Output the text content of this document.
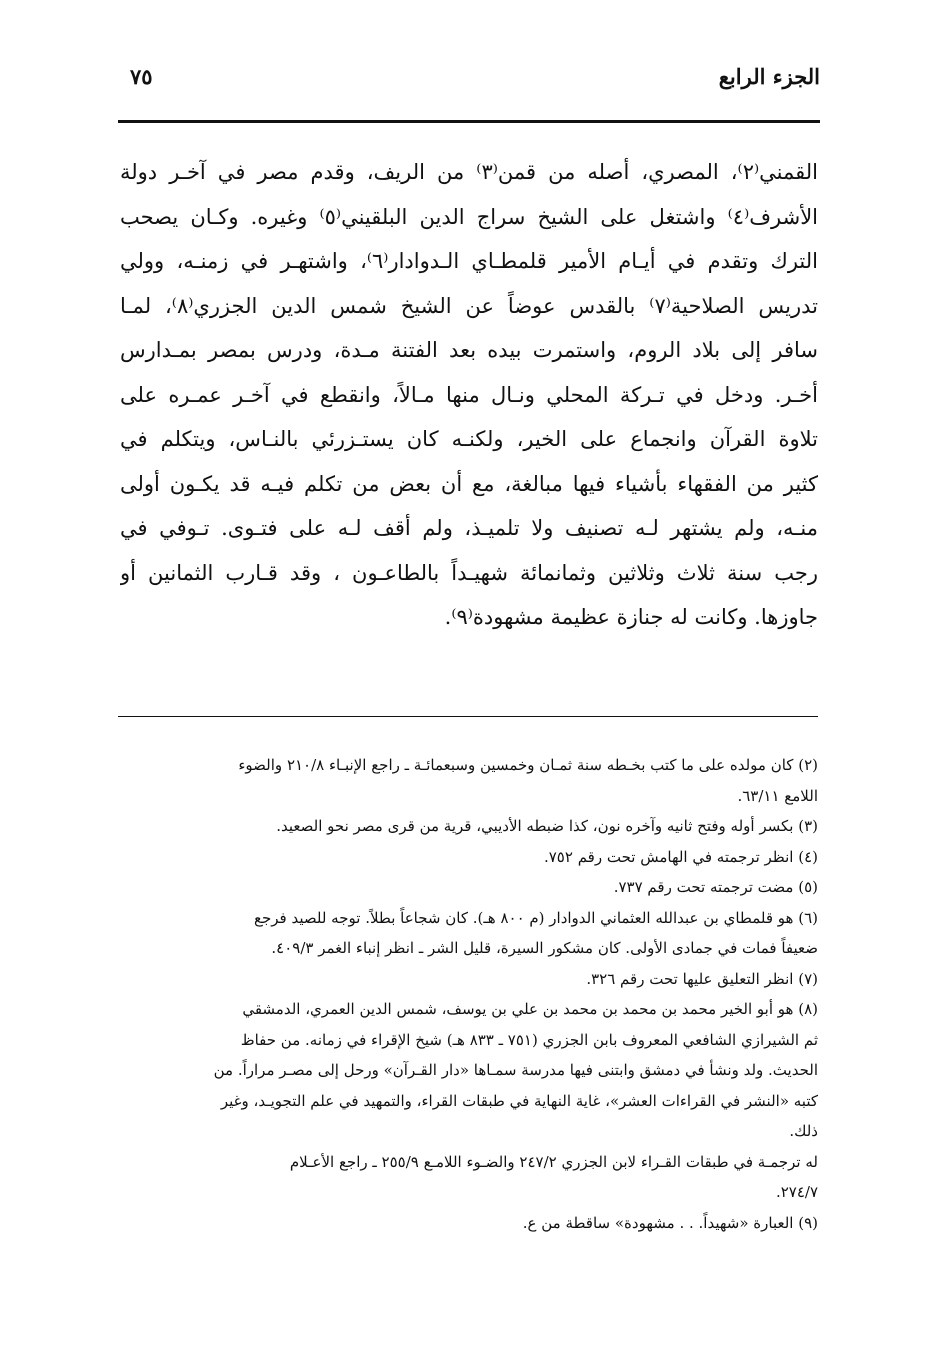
الجزء الرابع
٧٥
القمني⁽٢⁾، المصري، أصله من قمن⁽٣⁾ من الريف، وقدم مصر في آخـر دولة
الأشرف⁽٤⁾ واشتغل على الشيخ سراج الدين البلقيني⁽٥⁾ وغيره. وكـان يصحب
الترك وتقدم في أيـام الأمير قلمطـاي الـدوادار⁽٦⁾، واشتهـر في زمنـه، وولي
تدريس الصلاحية⁽٧⁾ بالقدس عوضاً عن الشيخ شمس الدين الجزري⁽٨⁾، لمـا
سافر إلى بلاد الروم، واستمرت بيده بعد الفتنة مـدة، ودرس بمصر بمـدارس
أخـر. ودخل في تـركة المحلي ونـال منها مـالاً، وانقطع في آخـر عمـره على
تلاوة القرآن وانجماع على الخير، ولكنـه كان يستـزرئي بالنـاس، ويتكلم في
كثير من الفقهاء بأشياء فيها مبالغة، مع أن بعض من تكلم فيـه قد يكـون أولى
منـه، ولم يشتهر لـه تصنيف ولا تلميـذ، ولم أقف لـه على فتـوى. تـوفي في
رجب سنة ثلاث وثلاثين وثمانمائة شهيـداً بالطاعـون ، وقد قـارب الثمانين أو
جاوزها. وكانت له جنازة عظيمة مشهودة⁽٩⁾.
(٢) كان مولده على ما كتب بخـطه سنة ثمـان وخمسين وسبعمائـة ـ راجع الإنبـاء ٢١٠/٨ والضوء
اللامع ٦٣/١١.
(٣) بكسر أوله وفتح ثانيه وآخره نون، كذا ضبطه الأديبي، قرية من قرى مصر نحو الصعيد.
(٤) انظر ترجمته في الهامش تحت رقم ٧٥٢.
(٥) مضت ترجمته تحت رقم ٧٣٧.
(٦) هو قلمطاي بن عبدالله العثماني الدوادار (م ٨٠٠ هـ). كان شجاعاً بطلاً. توجه للصيد فرجع
ضعيفاً فمات في جمادى الأولى. كان مشكور السيرة، قليل الشر ـ انظر إنباء الغمر ٤٠٩/٣.
(٧) انظر التعليق عليها تحت رقم ٣٢٦.
(٨) هو أبو الخير محمد بن محمد بن محمد بن علي بن يوسف، شمس الدين العمري، الدمشقي
ثم الشيرازي الشافعي المعروف بابن الجزري (٧٥١ ـ ٨٣٣ هـ) شيخ الإقراء في زمانه. من حفاظ
الحديث. ولد ونشأ في دمشق وابتنى فيها مدرسة سمـاها «دار القـرآن» ورحل إلى مصـر مراراً. من
كتبه «النشر في القراءات العشر»، غاية النهاية في طبقات القراء، والتمهيد في علم التجويـد، وغير
ذلك.
له ترجمـة في طبقات القـراء لابن الجزري ٢٤٧/٢ والضـوء اللامـع ٢٥٥/٩ ـ راجع الأعـلام
٢٧٤/٧.
(٩) العبارة «شهيداً. . . مشهودة» ساقطة من ع.
